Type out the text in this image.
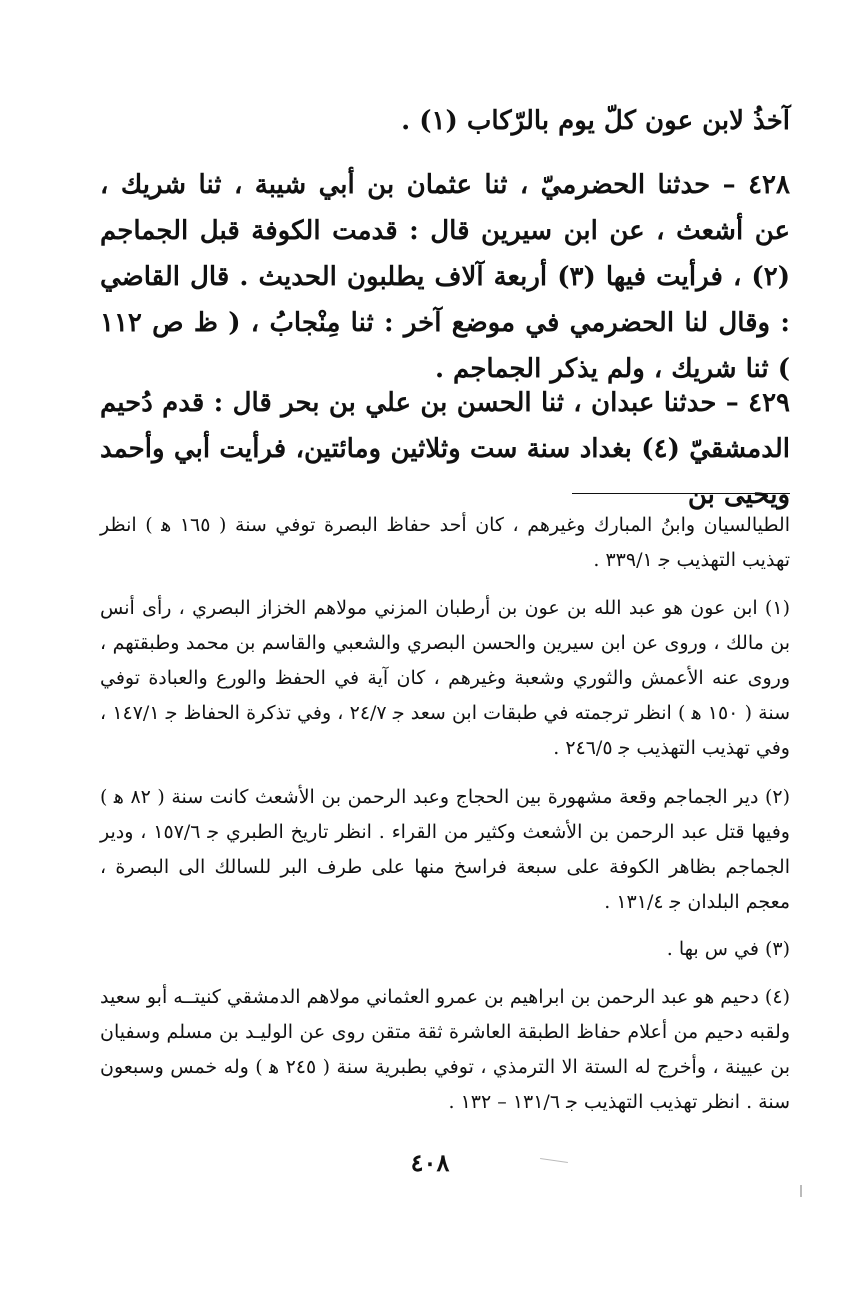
آخذُ لابن عون كلّ يوم بالرّكاب (١) .

٤٢٨ – حدثنا الحضرميّ ، ثنا عثمان بن أبي شيبة ، ثنا شريك ، عن أشعث ، عن ابن سيرين قال : قدمت الكوفة قبل الجماجم (٢) ، فرأيت فيها (٣) أربعة آلاف يطلبون الحديث . قال القاضي : وقال لنا الحضرمي في موضع آخر : ثنا مِنْجابُ ، ( ظ ص ١١٢ ) ثنا شريك ، ولم يذكر الجماجم .

٤٢٩ – حدثنا عبدان ، ثنا الحسن بن علي بن بحر قال : قدم دُحيم الدمشقيّ (٤) بغداد سنة ست وثلاثين ومائتين، فرأيت أبي وأحمد ويحيى بن

الطيالسيان وابنُ المبارك وغيرهم ، كان أحد حفاظ البصرة توفي سنة ( ١٦٥ ﻫ ) انظر تهذيب التهذيب ﺟ ٣٣٩/١ .

(١) ابن عون هو عبد الله بن عون بن أرطبان المزني مولاهم الخزاز البصري ، رأى أنس بن مالك ، وروى عن ابن سيرين والحسن البصري والشعبي والقاسم بن محمد وطبقتهم ، وروى عنه الأعمش والثوري وشعبة وغيرهم ، كان آية في الحفظ والورع والعبادة توفي سنة ( ١٥٠ ﻫ ) انظر ترجمته في طبقات ابن سعد ﺟ ٢٤/٧ ، وفي تذكرة الحفاظ ﺟ ١٤٧/١ ، وفي تهذيب التهذيب ﺟ ٢٤٦/٥ .

(٢) دير الجماجم وقعة مشهورة بين الحجاج وعبد الرحمن بن الأشعث كانت سنة ( ٨٢ ﻫ ) وفيها قتل عبد الرحمن بن الأشعث وكثير من القراء . انظر تاريخ الطبري ﺟ ١٥٧/٦ ، ودير الجماجم بظاهر الكوفة على سبعة فراسخ منها على طرف البر للسالك الى البصرة ، معجم البلدان ﺟ ١٣١/٤ .

(٣) في س بها .

(٤) دحيم هو عبد الرحمن بن ابراهيم بن عمرو العثماني مولاهم الدمشقي كنيتــه أبو سعيد ولقبه دحيم من أعلام حفاظ الطبقة العاشرة ثقة متقن روى عن الوليـد بن مسلم وسفيان بن عيينة ، وأخرج له الستة الا الترمذي ، توفي بطبرية سنة ( ٢٤٥ ﻫ ) وله خمس وسبعون سنة . انظر تهذيب التهذيب ﺟ ١٣١/٦ – ١٣٢ .

٤٠٨
